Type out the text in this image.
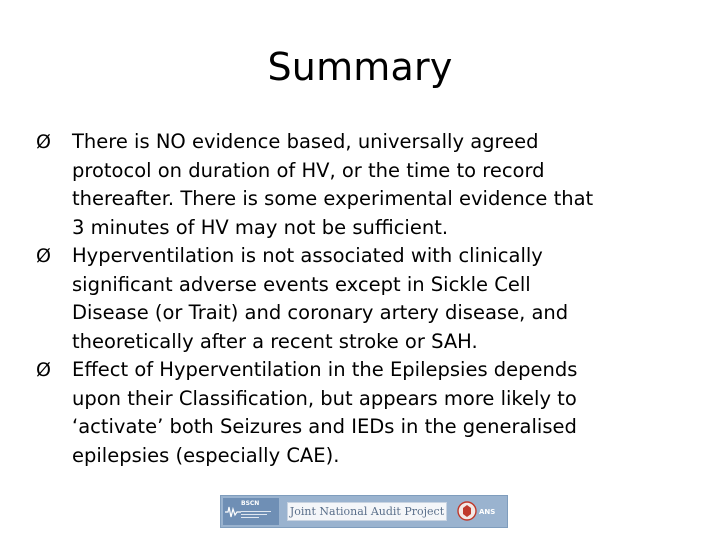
Summary
Ø	There is NO evidence based, universally agreed
protocol on duration of HV, or the time to record
thereafter. There is some experimental evidence that
3 minutes of HV may not be sufficient.
Ø	Hyperventilation is not associated with clinically
significant adverse events except in Sickle Cell
Disease (or Trait) and coronary artery disease, and
theoretically after a recent stroke or SAH.
Ø	Effect of Hyperventilation in the Epilepsies depends
upon their Classification, but appears more likely to
‘activate’ both Seizures and IEDs in the generalised
epilepsies (especially CAE).
BSCN
Joint National Audit Project	ANS
